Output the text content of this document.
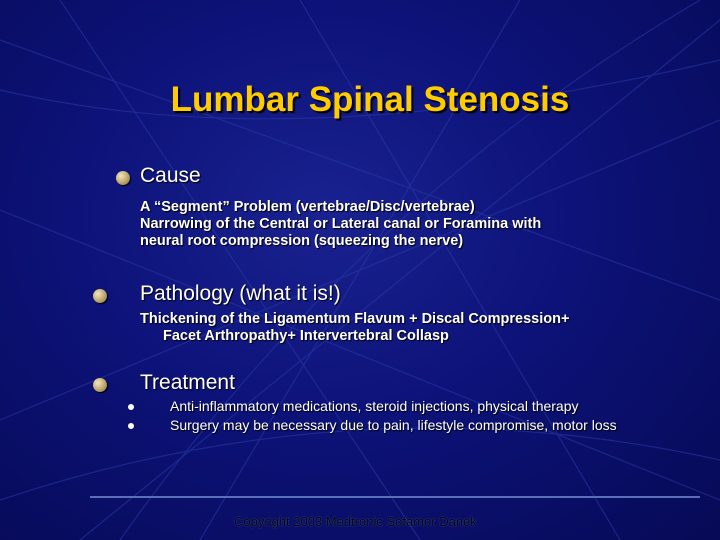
Lumbar Spinal Stenosis
Cause
A “Segment” Problem (vertebrae/Disc/vertebrae)
Narrowing of the Central or Lateral canal or Foramina with
neural root compression (squeezing the nerve)
Pathology (what it is!)
Thickening of the Ligamentum Flavum + Discal Compression+
Facet Arthropathy+ Intervertebral Collasp
Treatment
Anti-inflammatory medications, steroid injections, physical therapy
Surgery may be necessary due to pain, lifestyle compromise, motor loss
Copyright 2003 Medtronic Sofamor Danek
